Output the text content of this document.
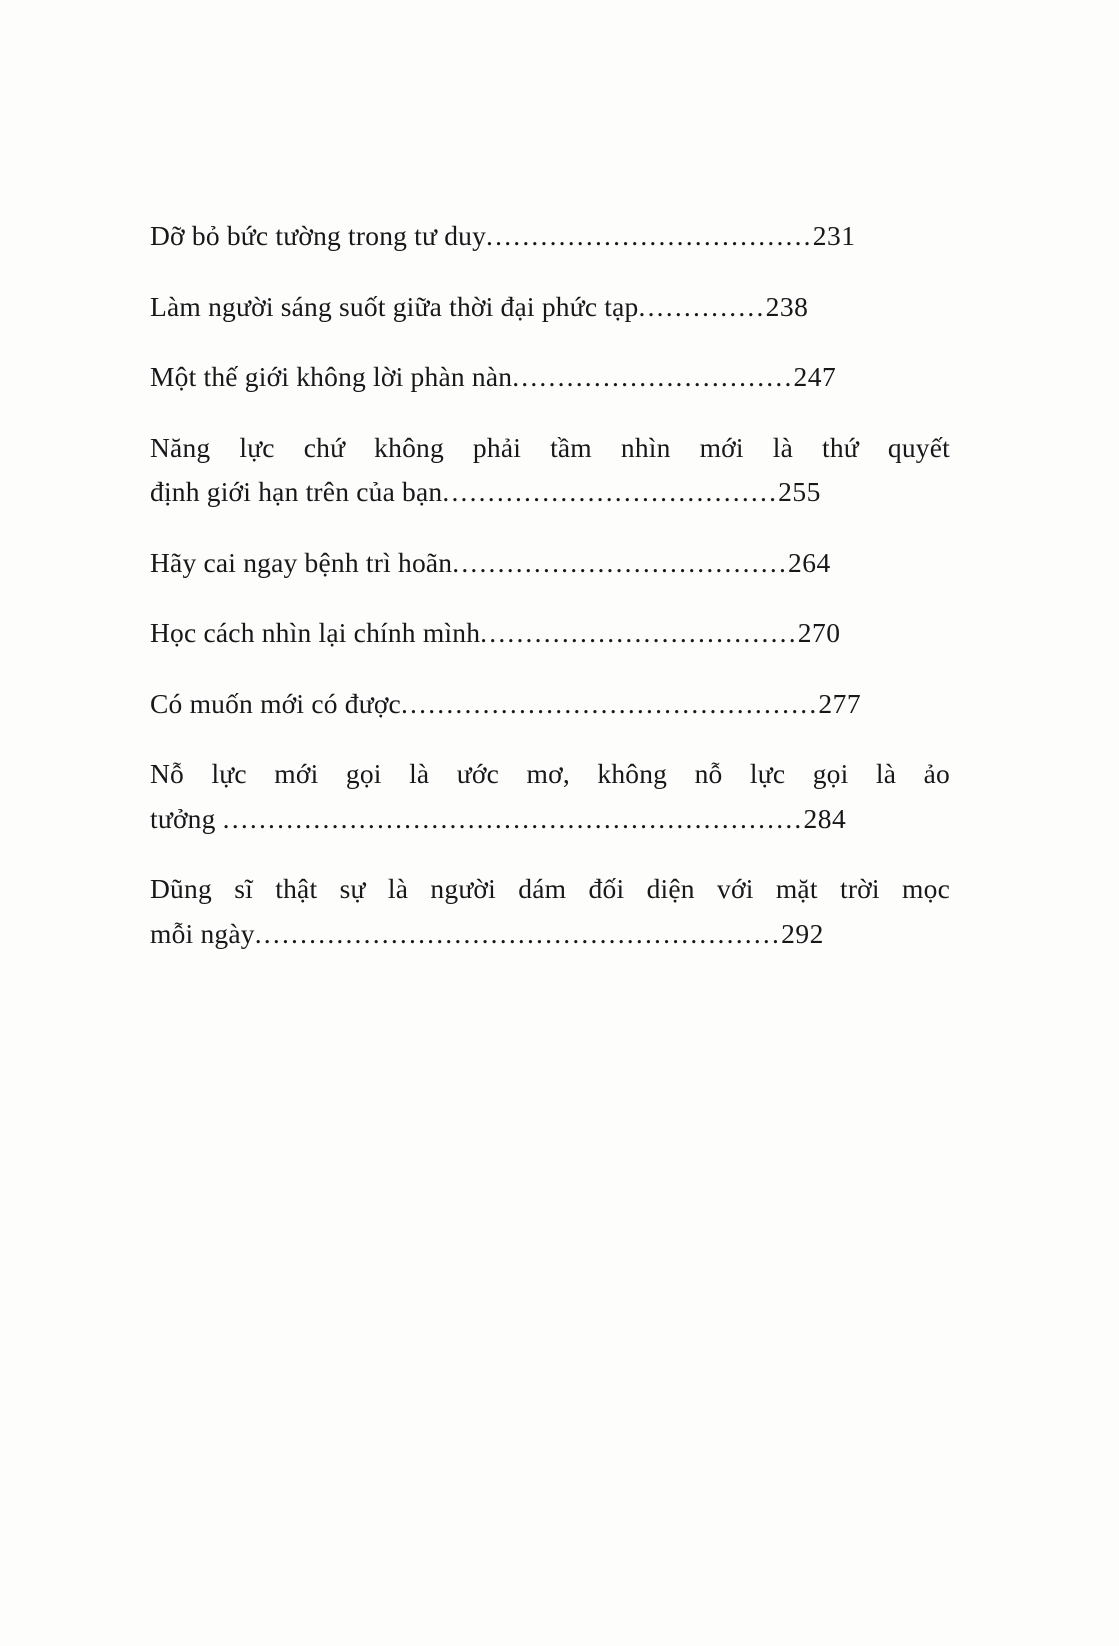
Dỡ bỏ bức tường trong tư duy....................................231
Làm người sáng suốt giữa thời đại phức tạp..............238
Một thế giới không lời phàn nàn...............................247
Năng lực chứ không phải tầm nhìn mới là thứ quyết
định giới hạn trên của bạn.....................................255
Hãy cai ngay bệnh trì hoãn.....................................264
Học cách nhìn lại chính mình...................................270
Có muốn mới có được..............................................277
Nỗ lực mới gọi là ước mơ, không nỗ lực gọi là ảo
tưởng ................................................................284
Dũng sĩ thật sự là người dám đối diện với mặt trời mọc
mỗi ngày..........................................................292
